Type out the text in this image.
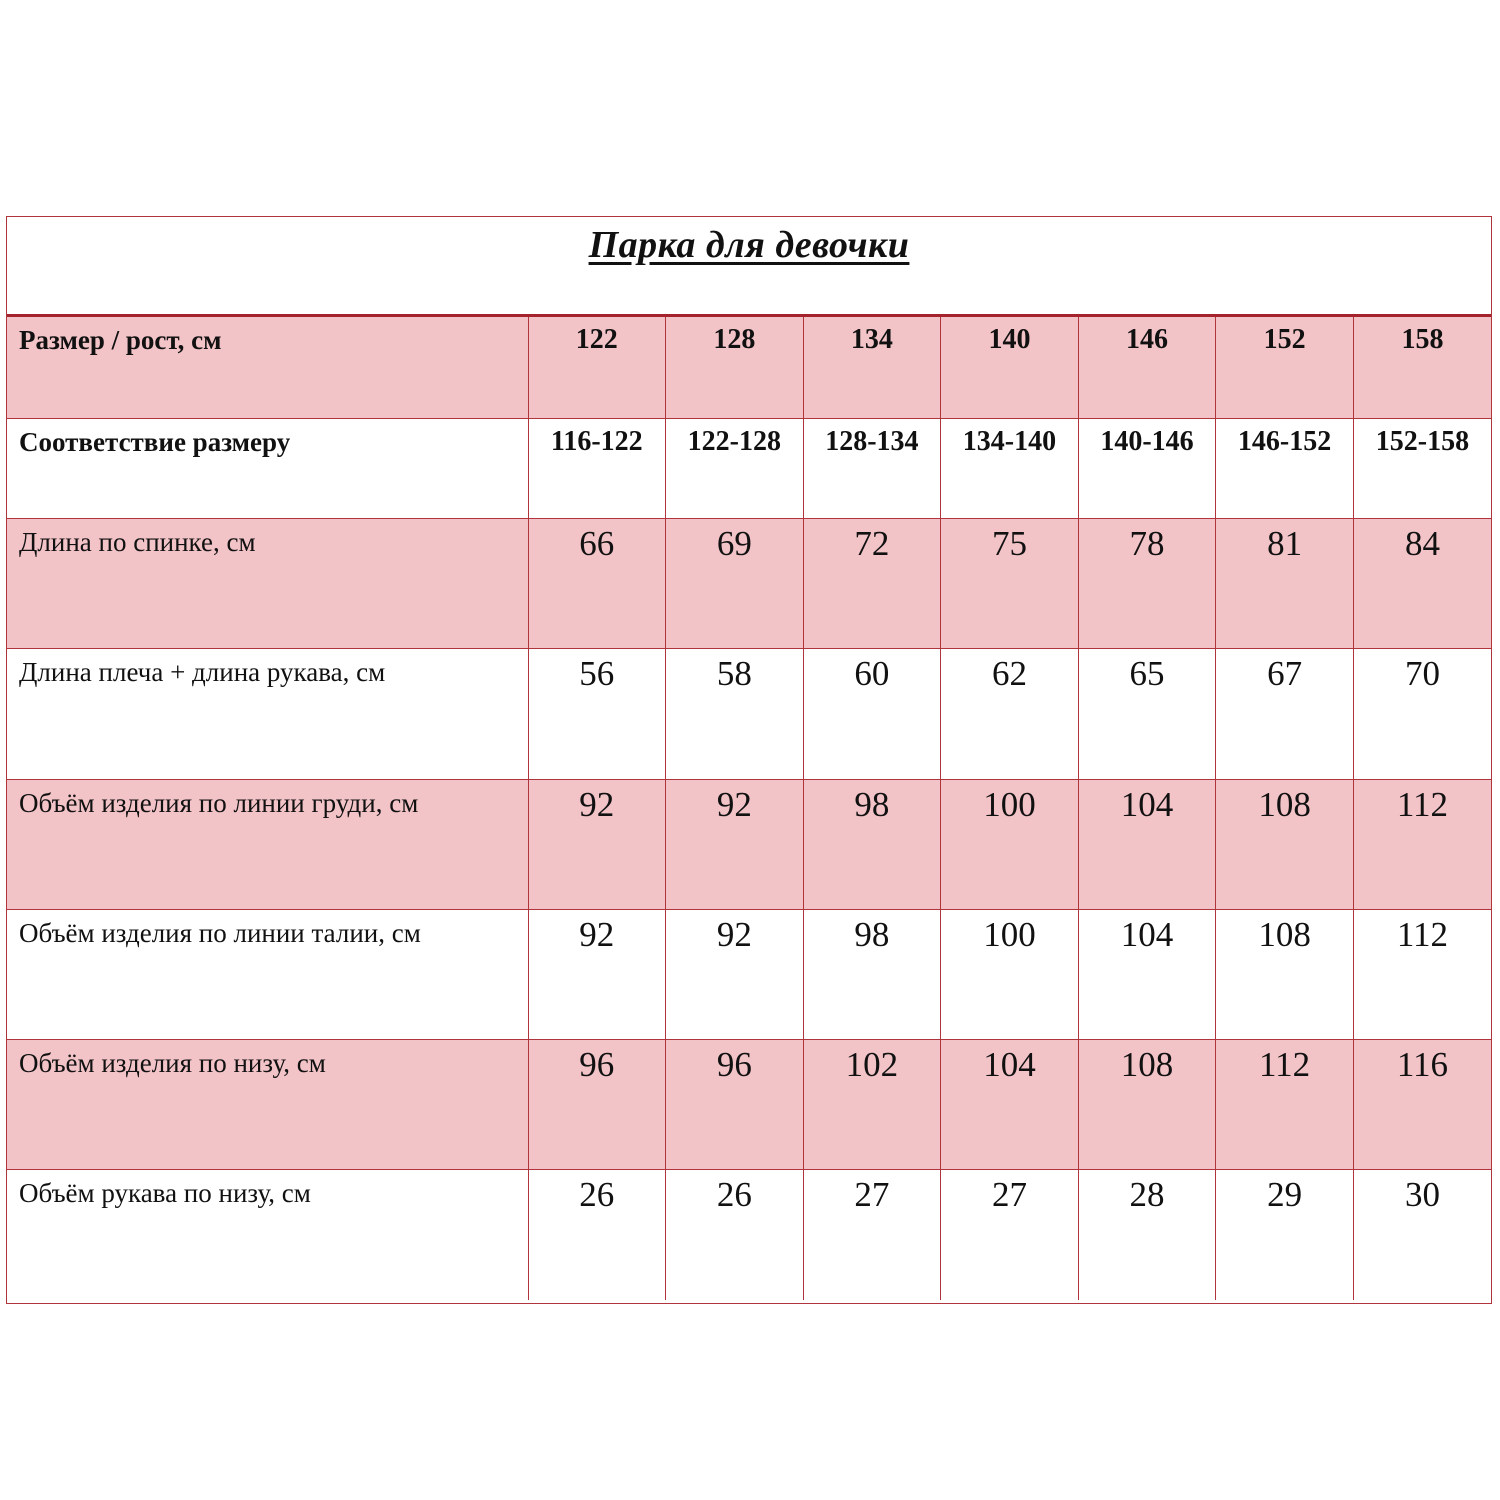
Парка для девочки
Размер / рост, см	122	128	134	140	146	152	158

Соответствие размеру	116-122	122-128	128-134	134-140	140-146	146-152	152-158

Длина по спинке, см	66	69	72	75	78	81	84

Длина плеча + длина рукава, см	56	58	60	62	65	67	70

Объём изделия по линии груди, см	92	92	98	100	104	108	112

Объём изделия по линии талии, см	92	92	98	100	104	108	112

Объём изделия по низу, см	96	96	102	104	108	112	116

Объём рукава по низу, см	26	26	27	27	28	29	30
